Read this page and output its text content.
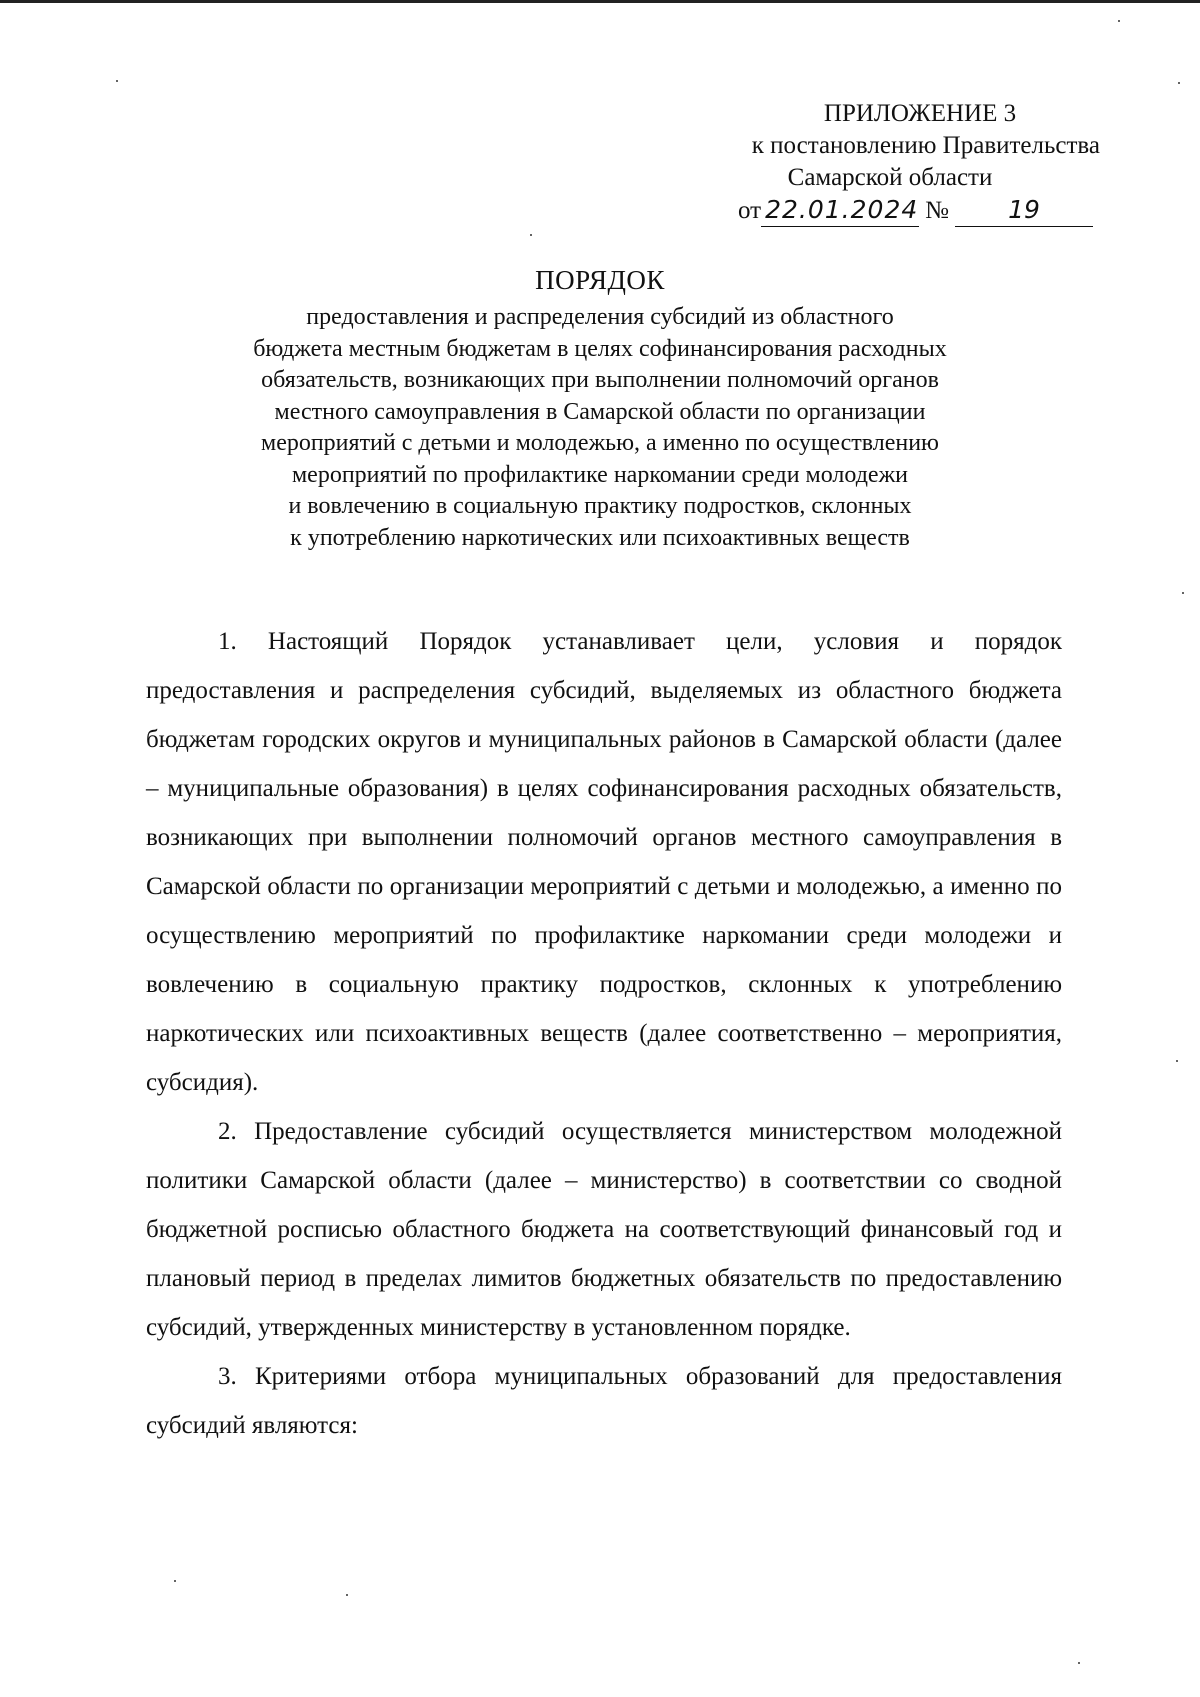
ПРИЛОЖЕНИЕ 3
к постановлению Правительства
Самарской области
от 22.01.2024 № 19
ПОРЯДОК
предоставления и распределения субсидий из областного
бюджета местным бюджетам в целях софинансирования расходных
обязательств, возникающих при выполнении полномочий органов
местного самоуправления в Самарской области по организации
мероприятий с детьми и молодежью, а именно по осуществлению
мероприятий по профилактике наркомании среди молодежи
и вовлечению в социальную практику подростков, склонных
к употреблению наркотических или психоактивных веществ

1. Настоящий Порядок устанавливает цели, условия и порядок предоставления и распределения субсидий, выделяемых из областного бюджета бюджетам городских округов и муниципальных районов в Самарской области (далее – муниципальные образования) в целях софинансирования расходных обязательств, возникающих при выполнении полномочий органов местного самоуправления в Самарской области по организации мероприятий с детьми и молодежью, а именно по осуществлению мероприятий по профилактике наркомании среди молодежи и вовлечению в социальную практику подростков, склонных к употреблению наркотических или психоактивных веществ (далее соответственно – мероприятия, субсидия).

2. Предоставление субсидий осуществляется министерством молодежной политики Самарской области (далее – министерство) в соответствии со сводной бюджетной росписью областного бюджета на соответствующий финансовый год и плановый период в пределах лимитов бюджетных обязательств по предоставлению субсидий, утвержденных министерству в установленном порядке.

3. Критериями отбора муниципальных образований для предоставления субсидий являются:
